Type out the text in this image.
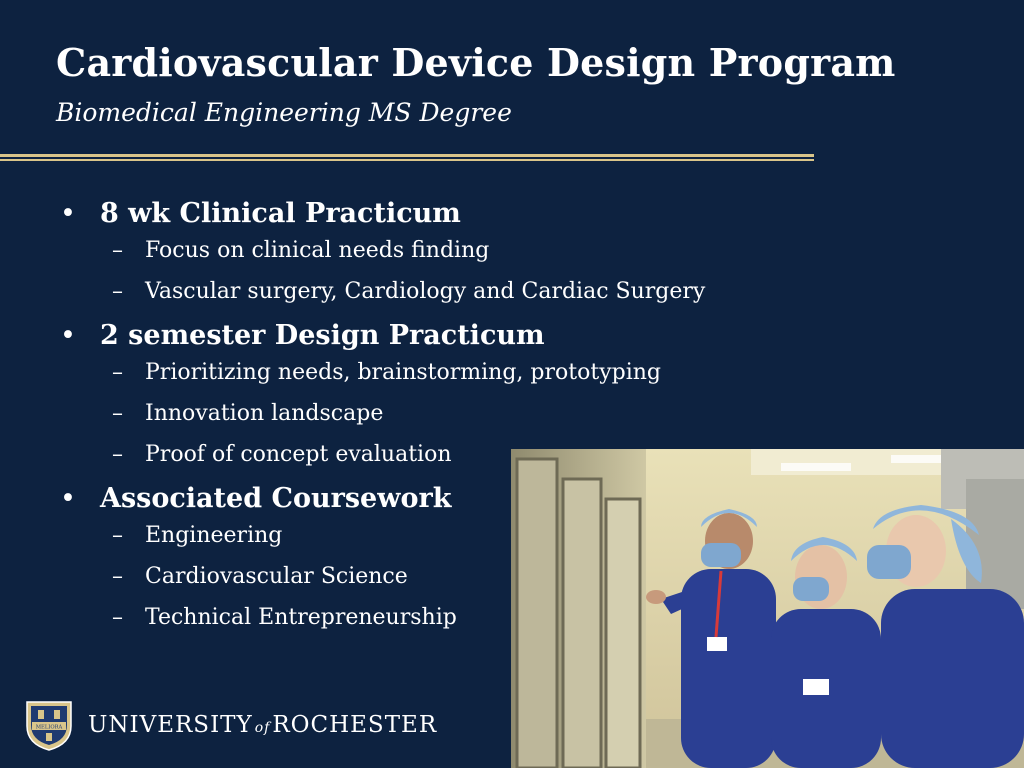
Cardiovascular Device Design Program
Biomedical Engineering MS Degree
• 8 wk Clinical Practicum
– Focus on clinical needs finding
– Vascular surgery, Cardiology and Cardiac Surgery
• 2 semester Design Practicum
– Prioritizing needs, brainstorming, prototyping
– Innovation landscape
– Proof of concept evaluation
• Associated Coursework
– Engineering
– Cardiovascular Science
– Technical Entrepreneurship
MELIORA UNIVERSITY ofROCHESTER
